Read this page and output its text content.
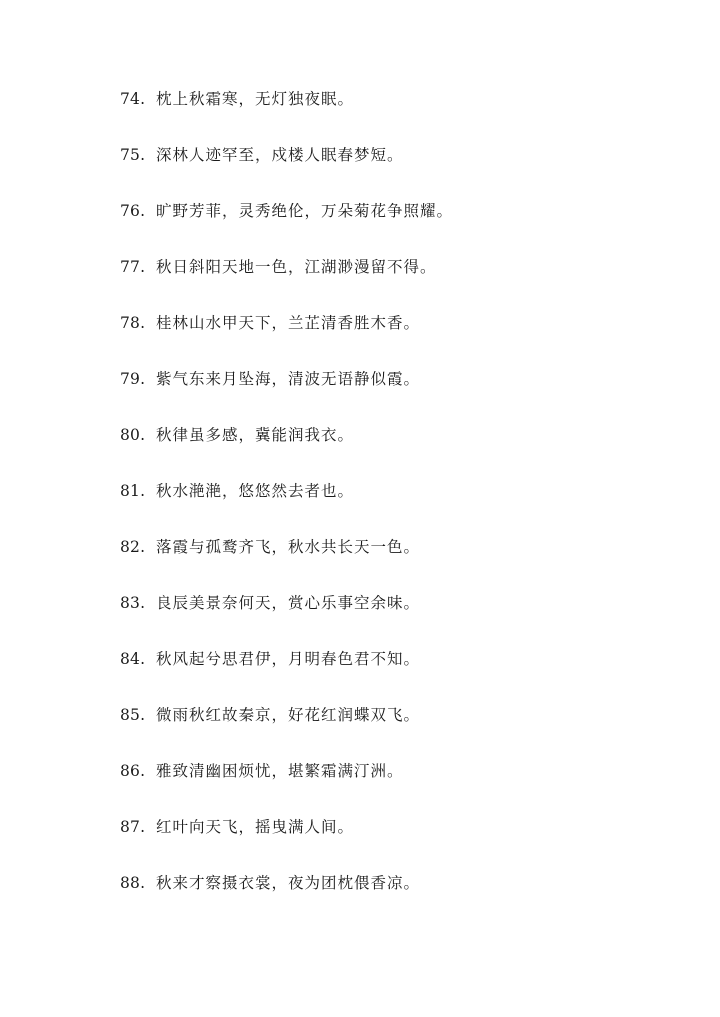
74. 枕上秋霜寒，无灯独夜眠。
75. 深林人迹罕至，戍楼人眠春梦短。
76. 旷野芳菲，灵秀绝伦，万朵菊花争照耀。
77. 秋日斜阳天地一色，江湖渺漫留不得。
78. 桂林山水甲天下，兰芷清香胜木香。
79. 紫气东来月坠海，清波无语静似霞。
80. 秋律虽多感，冀能润我衣。
81. 秋水滟滟，悠悠然去者也。
82. 落霞与孤鹜齐飞，秋水共长天一色。
83. 良辰美景奈何天，赏心乐事空余味。
84. 秋风起兮思君伊，月明春色君不知。
85. 微雨秋红故秦京，好花红润蝶双飞。
86. 雅致清幽困烦忧，堪繁霜满汀洲。
87. 红叶向天飞，摇曳满人间。
88. 秋来才察摄衣裳，夜为团枕偎香凉。
